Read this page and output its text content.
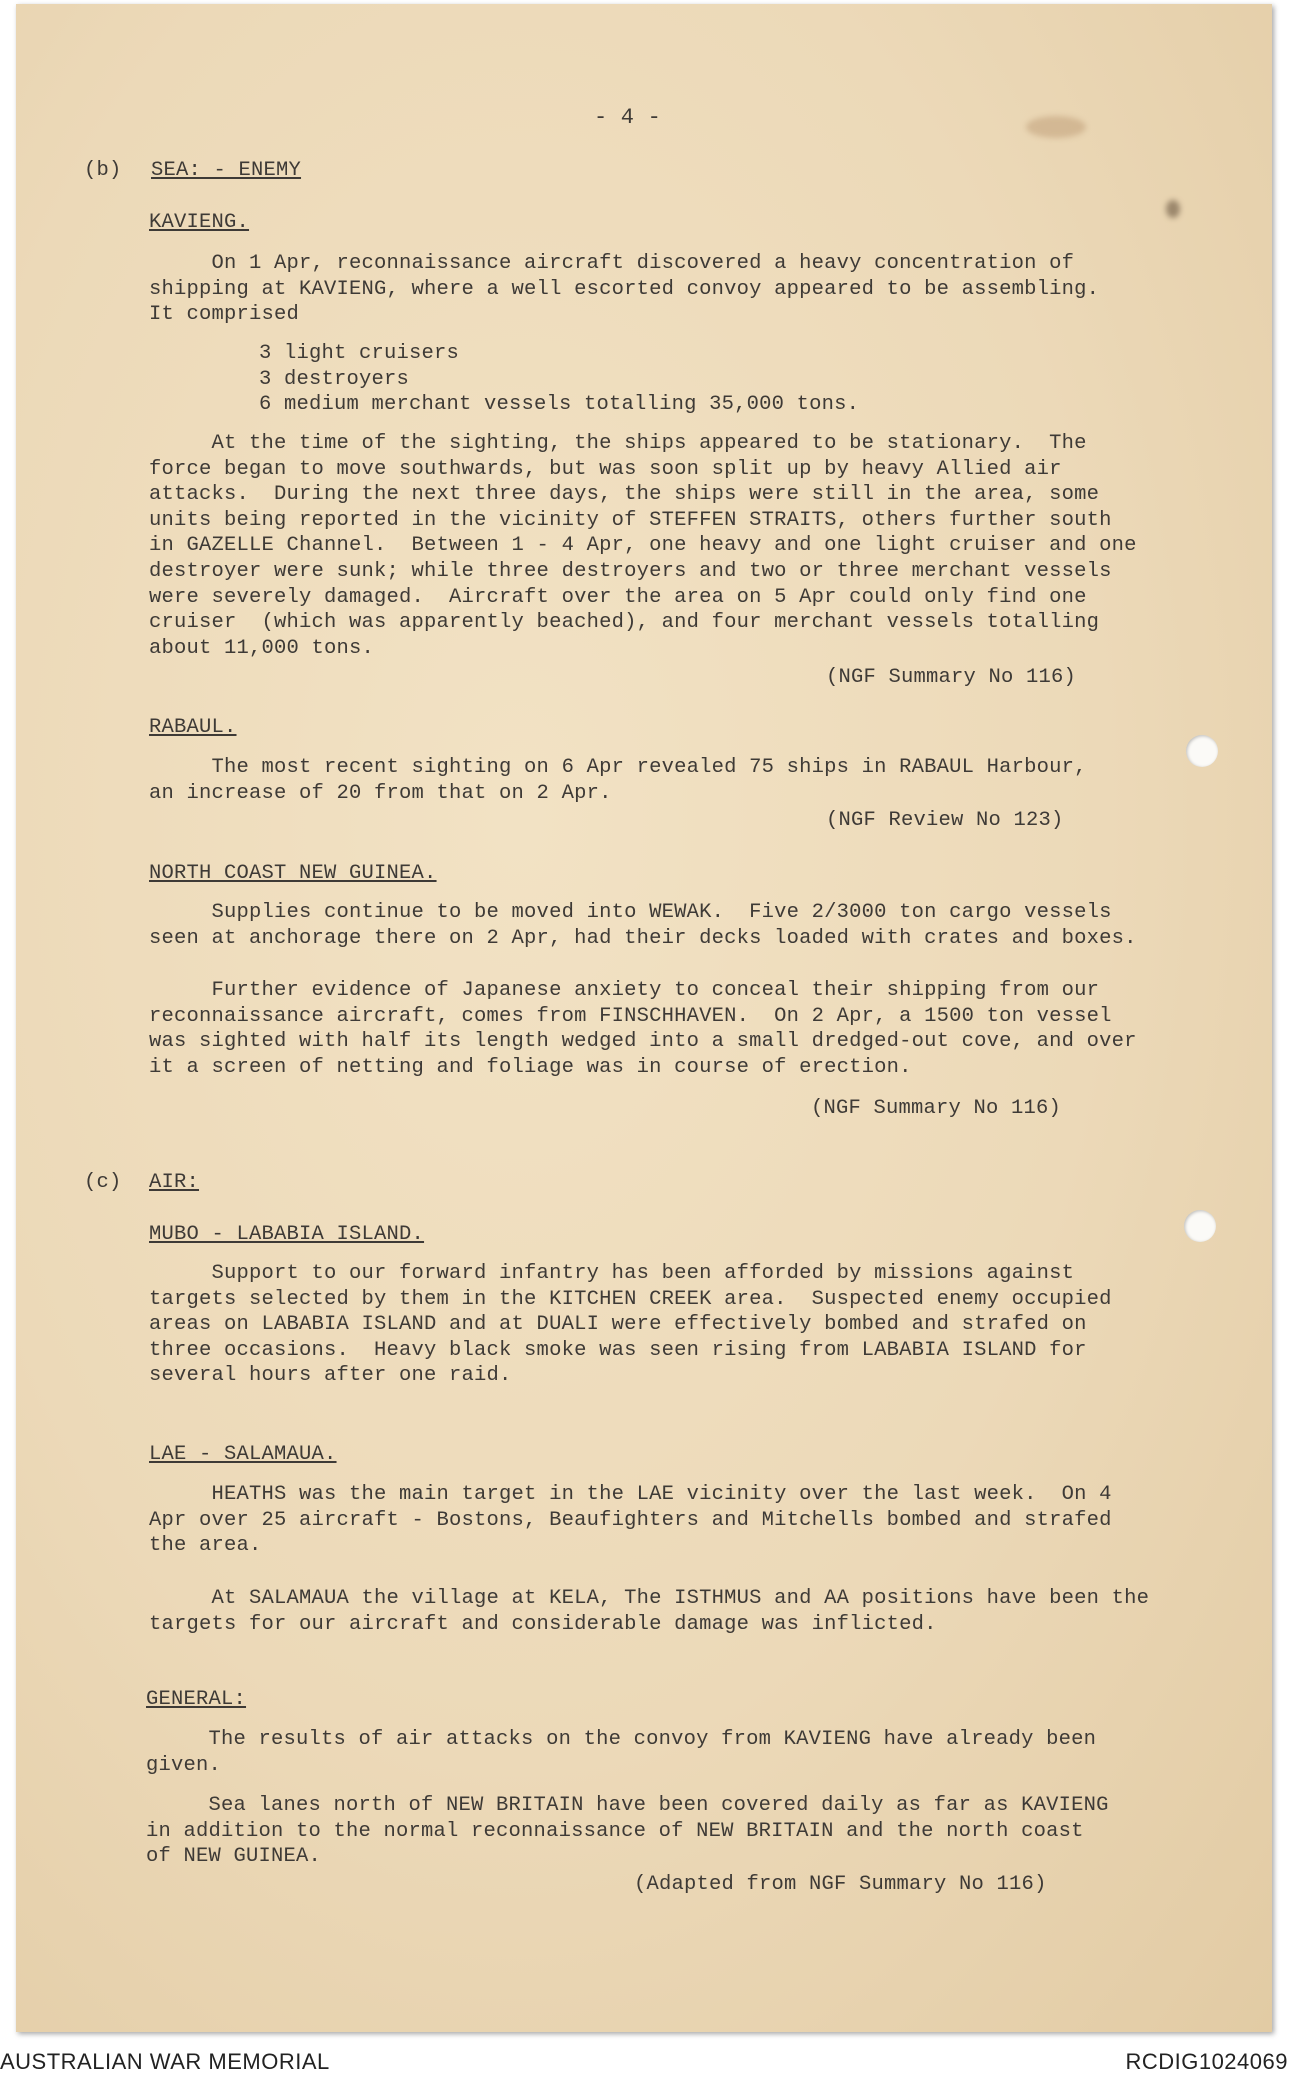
- 4 -
(b) SEA: - ENEMY
KAVIENG.
On 1 Apr, reconnaissance aircraft discovered a heavy concentration of
shipping at KAVIENG, where a well escorted convoy appeared to be assembling.
It comprised
3 light cruisers
3 destroyers
6 medium merchant vessels totalling 35,000 tons.
At the time of the sighting, the ships appeared to be stationary.  The
force began to move southwards, but was soon split up by heavy Allied air
attacks.  During the next three days, the ships were still in the area, some
units being reported in the vicinity of STEFFEN STRAITS, others further south
in GAZELLE Channel.  Between 1 - 4 Apr, one heavy and one light cruiser and one
destroyer were sunk; while three destroyers and two or three merchant vessels
were severely damaged.  Aircraft over the area on 5 Apr could only find one
cruiser  (which was apparently beached), and four merchant vessels totalling
about 11,000 tons.
(NGF Summary No 116)
RABAUL.
The most recent sighting on 6 Apr revealed 75 ships in RABAUL Harbour,
an increase of 20 from that on 2 Apr.
(NGF Review No 123)
NORTH COAST NEW GUINEA.
Supplies continue to be moved into WEWAK.  Five 2/3000 ton cargo vessels
seen at anchorage there on 2 Apr, had their decks loaded with crates and boxes.
Further evidence of Japanese anxiety to conceal their shipping from our
reconnaissance aircraft, comes from FINSCHHAVEN.  On 2 Apr, a 1500 ton vessel
was sighted with half its length wedged into a small dredged-out cove, and over
it a screen of netting and foliage was in course of erection.
(NGF Summary No 116)
(c) AIR:
MUBO - LABABIA ISLAND.
Support to our forward infantry has been afforded by missions against
targets selected by them in the KITCHEN CREEK area.  Suspected enemy occupied
areas on LABABIA ISLAND and at DUALI were effectively bombed and strafed on
three occasions.  Heavy black smoke was seen rising from LABABIA ISLAND for
several hours after one raid.
LAE - SALAMAUA.
HEATHS was the main target in the LAE vicinity over the last week.  On 4
Apr over 25 aircraft - Bostons, Beaufighters and Mitchells bombed and strafed
the area.
At SALAMAUA the village at KELA, The ISTHMUS and AA positions have been the
targets for our aircraft and considerable damage was inflicted.
GENERAL:
The results of air attacks on the convoy from KAVIENG have already been
given.
Sea lanes north of NEW BRITAIN have been covered daily as far as KAVIENG
in addition to the normal reconnaissance of NEW BRITAIN and the north coast
of NEW GUINEA.
(Adapted from NGF Summary No 116)
AUSTRALIAN WAR MEMORIAL	RCDIG1024069
